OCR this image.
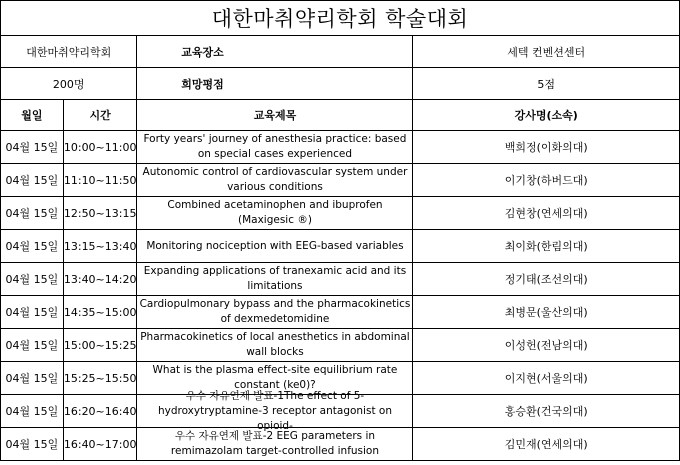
대한마취약리학회 학술대회			
대한마취약리학회		교육장소	세텍 컨벤션센터
200명		희망평점	5점
월일	시간	교육제목	강사명(소속)
04월 15일	10:00~11:00	Forty years' journey of anesthesia practice: based on special cases experienced	백희정(이화의대)
04월 15일	11:10~11:50	Autonomic control of cardiovascular system under various conditions	이기창(하버드대)
04월 15일	12:50~13:15	Combined acetaminophen and ibuprofen (Maxigesic ®)	김현창(연세의대)
04월 15일	13:15~13:40	Monitoring nociception with EEG-based variables	최이화(한림의대)
04월 15일	13:40~14:20	Expanding applications of tranexamic acid and its limitations	정기태(조선의대)
04월 15일	14:35~15:00	Cardiopulmonary bypass and the pharmacokinetics of dexmedetomidine	최병문(울산의대)
04월 15일	15:00~15:25	Pharmacokinetics of local anesthetics in abdominal wall blocks	이성헌(전남의대)
04월 15일	15:25~15:50	What is the plasma effect-site equilibrium rate constant (ke0)?	이지현(서울의대)
04월 15일	16:20~16:40	우수 자유연제 발표-1The effect of 5-hydroxytryptamine-3 receptor antagonist on opioid-	홍승환(건국의대)
04월 15일	16:40~17:00	우수 자유연제 발표-2 EEG parameters in remimazolam target-controlled infusion	김민재(연세의대)
